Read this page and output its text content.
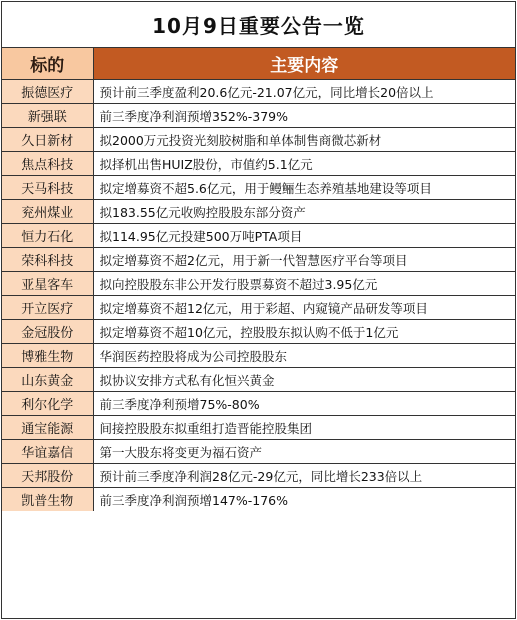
10月9日重要公告一览
标的	主要内容
振德医疗	预计前三季度盈利20.6亿元-21.07亿元，同比增长20倍以上
新强联	前三季度净利润预增352%-379%
久日新材	拟2000万元投资光刻胶树脂和单体制售商微芯新材
焦点科技	拟择机出售HUIZ股份，市值约5.1亿元
天马科技	拟定增募资不超5.6亿元，用于鳗鲡生态养殖基地建设等项目
兖州煤业	拟183.55亿元收购控股股东部分资产
恒力石化	拟114.95亿元投建500万吨PTA项目
荣科科技	拟定增募资不超2亿元，用于新一代智慧医疗平台等项目
亚星客车	拟向控股股东非公开发行股票募资不超过3.95亿元
开立医疗	拟定增募资不超12亿元，用于彩超、内窥镜产品研发等项目
金冠股份	拟定增募资不超10亿元，控股股东拟认购不低于1亿元
博雅生物	华润医药控股将成为公司控股股东
山东黄金	拟协议安排方式私有化恒兴黄金
利尔化学	前三季度净利预增75%-80%
通宝能源	间接控股股东拟重组打造晋能控股集团
华谊嘉信	第一大股东将变更为福石资产
天邦股份	预计前三季度净利润28亿元-29亿元，同比增长233倍以上
凯普生物	前三季度净利润预增147%-176%
